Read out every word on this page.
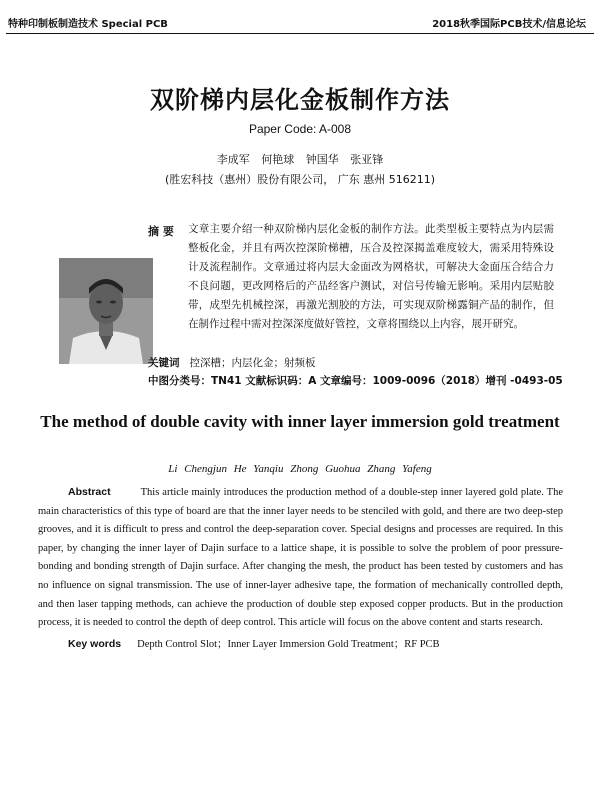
特种印制板制造技术 Special PCB	2018秋季国际PCB技术/信息论坛
双阶梯内层化金板制作方法
Paper Code: A-008
李成军 何艳球 钟国华 张亚锋
(胜宏科技（惠州）股份有限公司， 广东 惠州 516211)
摘 要 文章主要介绍一种双阶梯内层化金板的制作方法。此类型板主要特点为内层需整板化金，并且有两次控深阶梯槽，压合及控深揭盖难度较大，需采用特殊设计及流程制作。文章通过将内层大金面改为网格状，可解决大金面压合结合力不良问题，更改网格后的产品经客户测试，对信号传输无影响。采用内层贴胶带，成型先机械控深，再激光割胶的方法，可实现双阶梯露铜产品的制作，但在制作过程中需对控深深度做好管控，文章将围绕以上内容，展开研究。
关键词 控深槽；内层化金；射频板
中图分类号：TN41 文献标识码：A 文章编号：1009-0096（2018）增刊 -0493-05
The method of double cavity with inner layer immersion gold treatment
Li Chengjun He Yanqiu Zhong Guohua Zhang Yafeng
Abstract	This article mainly introduces the production method of a double-step inner layered gold plate. The main characteristics of this type of board are that the inner layer needs to be stenciled with gold, and there are two deep-step grooves, and it is difficult to press and control the deep-separation cover. Special designs and processes are required. In this paper, by changing the inner layer of Dajin surface to a lattice shape, it is possible to solve the problem of poor pressure-bonding and bonding strength of Dajin surface. After changing the mesh, the product has been tested by customers and has no influence on signal transmission. The use of inner-layer adhesive tape, the formation of mechanically controlled depth, and then laser tapping methods, can achieve the production of double step exposed copper products. But in the production process, it is needed to control the depth of deep control. This article will focus on the above content and starts research.
Key words Depth Control Slot；Inner Layer Immersion Gold Treatment；RF PCB
